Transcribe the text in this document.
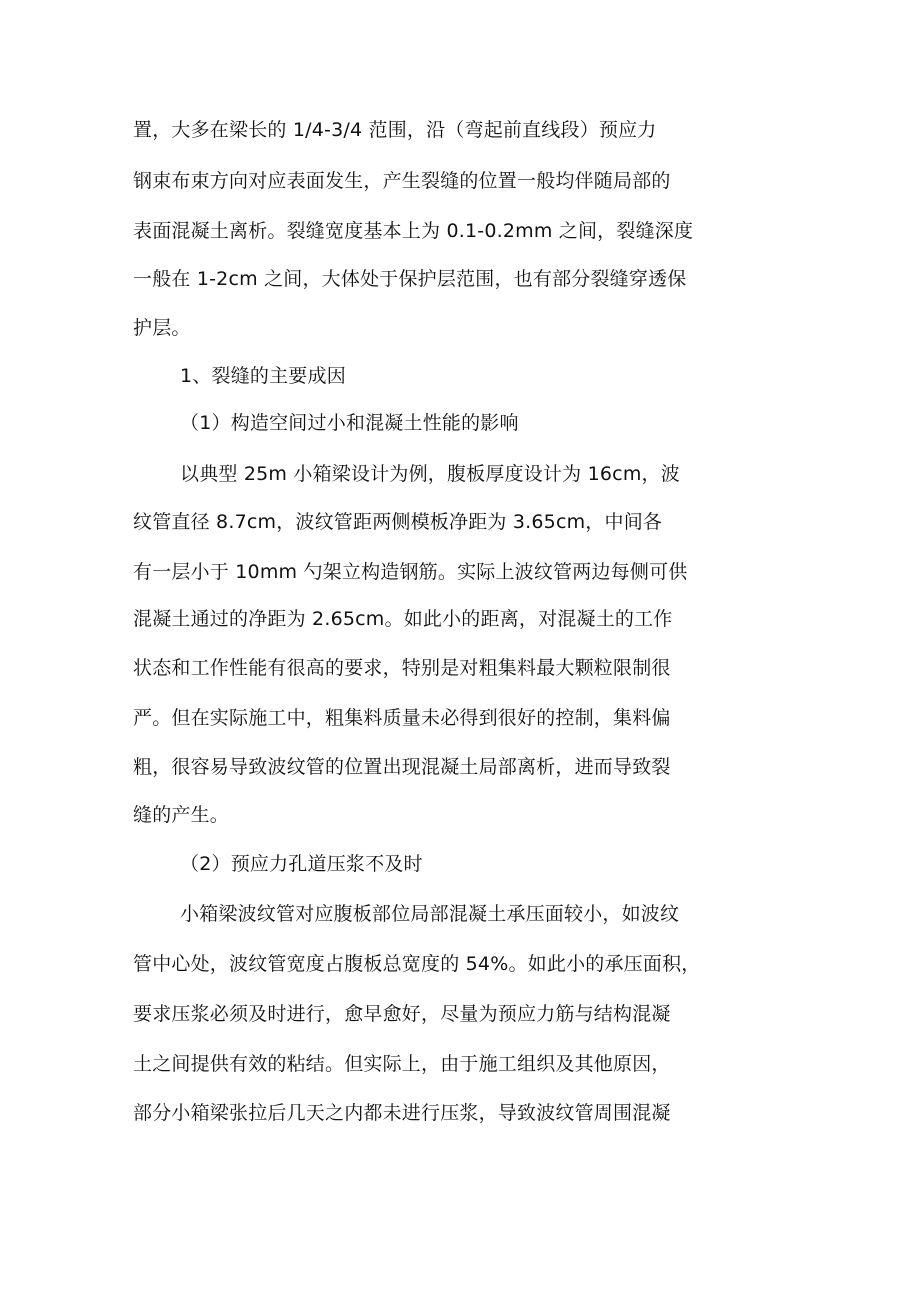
置，大多在梁长的 1/4-3/4 范围，沿（弯起前直线段）预应力
钢束布束方向对应表面发生，产生裂缝的位置一般均伴随局部的
表面混凝土离析。裂缝宽度基本上为 0.1-0.2mm 之间，裂缝深度
一般在 1-2cm 之间，大体处于保护层范围，也有部分裂缝穿透保
护层。
1、裂缝的主要成因
（1）构造空间过小和混凝土性能的影响
以典型 25m 小箱梁设计为例，腹板厚度设计为 16cm，波
纹管直径 8.7cm，波纹管距两侧模板净距为 3.65cm，中间各
有一层小于 10mm 勺架立构造钢筋。实际上波纹管两边每侧可供
混凝土通过的净距为 2.65cm。如此小的距离，对混凝土的工作
状态和工作性能有很高的要求，特别是对粗集料最大颗粒限制很
严。但在实际施工中，粗集料质量未必得到很好的控制，集料偏
粗，很容易导致波纹管的位置出现混凝土局部离析，进而导致裂
缝的产生。
（2）预应力孔道压浆不及时
小箱梁波纹管对应腹板部位局部混凝土承压面较小，如波纹
管中心处，波纹管宽度占腹板总宽度的 54%。如此小的承压面积，
要求压浆必须及时进行，愈早愈好，尽量为预应力筋与结构混凝
土之间提供有效的粘结。但实际上，由于施工组织及其他原因，
部分小箱梁张拉后几天之内都未进行压浆，导致波纹管周围混凝
